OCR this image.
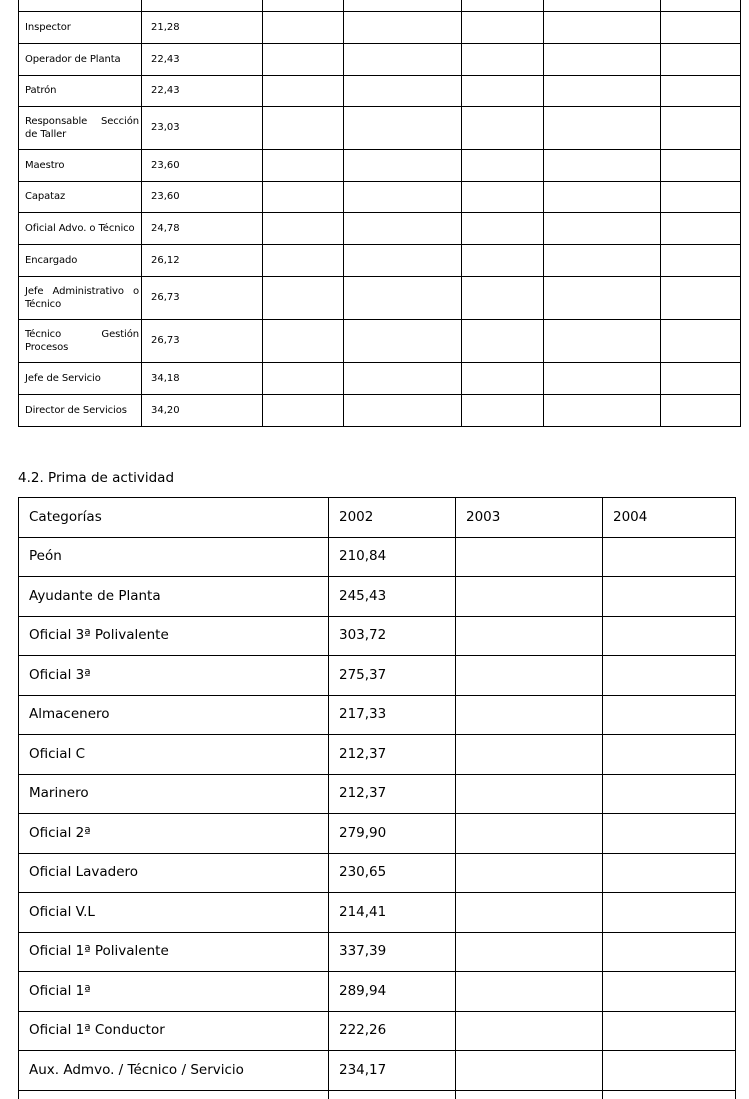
Inspector	21,28					
Operador de Planta	22,43					
Patrón	22,43					
Responsable Sección de Taller	23,03					
Maestro	23,60					
Capataz	23,60					
Oficial Advo. o Técnico	24,78					
Encargado	26,12					
Jefe Administrativo o Técnico	26,73					
Técnico Gestión Procesos	26,73					
Jefe de Servicio	34,18					
Director de Servicios	34,20					
4.2. Prima de actividad
Categorías	2002	2003	2004
Peón	210,84		
Ayudante de Planta	245,43		
Oficial 3ª Polivalente	303,72		
Oficial 3ª	275,37		
Almacenero	217,33		
Oficial C	212,37		
Marinero	212,37		
Oficial 2ª	279,90		
Oficial Lavadero	230,65		
Oficial V.L	214,41		
Oficial 1ª Polivalente	337,39		
Oficial 1ª	289,94		
Oficial 1ª Conductor	222,26		
Aux. Admvo. / Técnico / Servicio	234,17		
